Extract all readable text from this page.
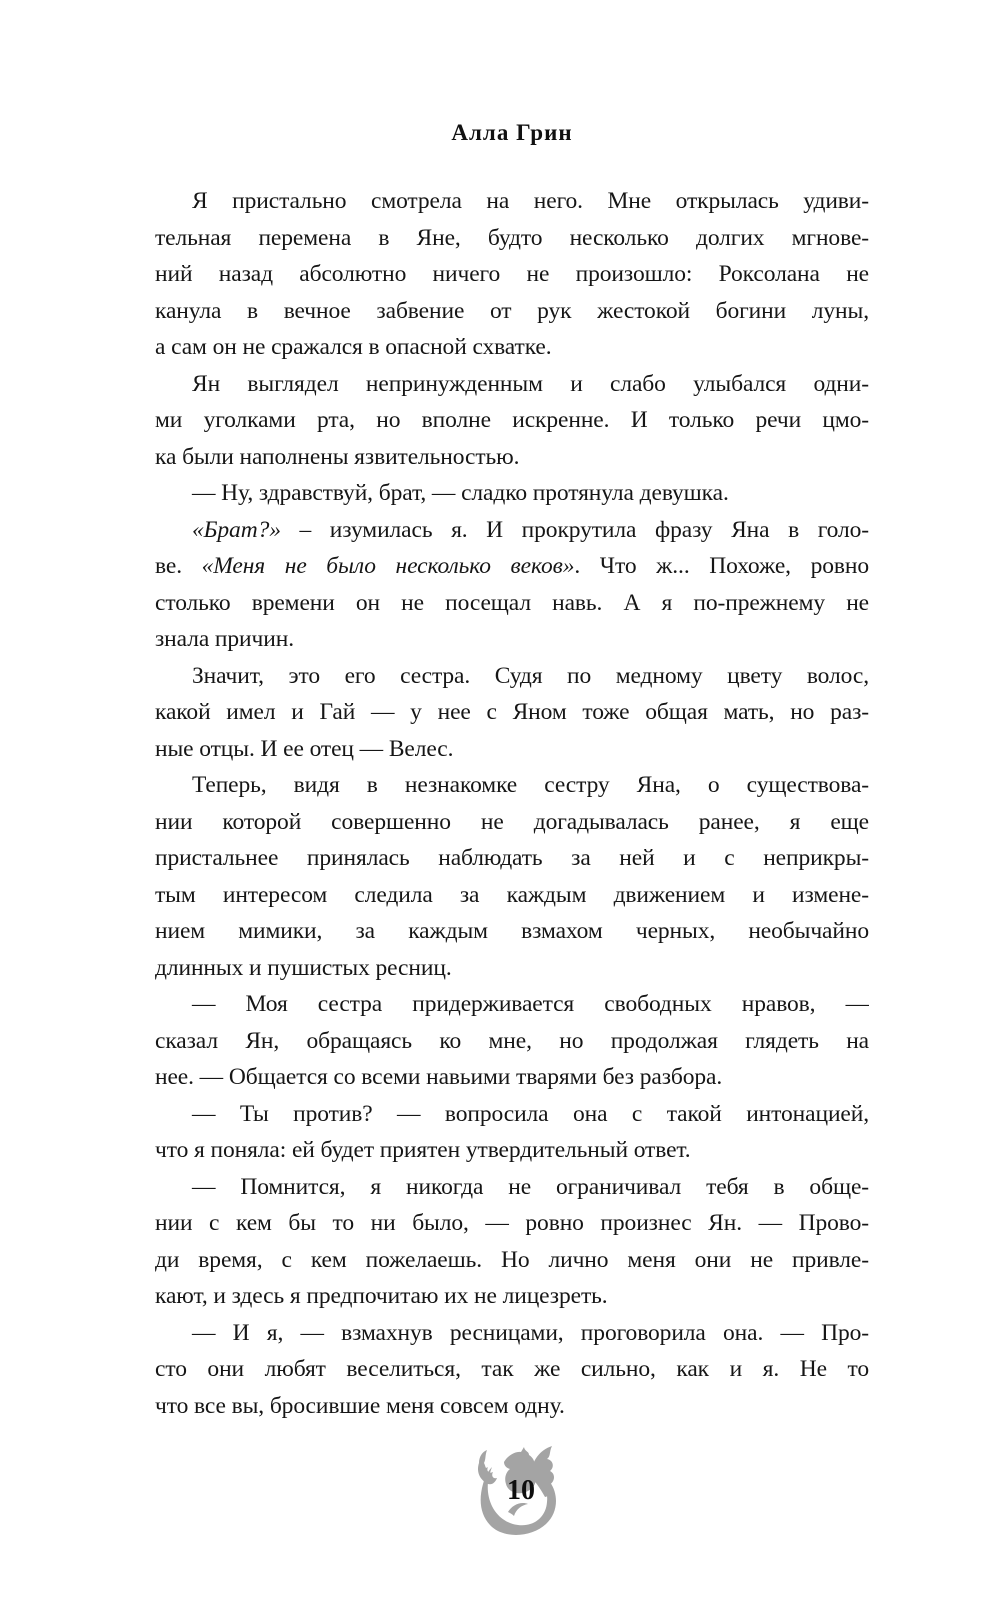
Алла Грин
Я пристально смотрела на него. Мне открылась удиви-
тельная перемена в Яне, будто несколько долгих мгнове-
ний назад абсолютно ничего не произошло: Роксолана не
канула в вечное забвение от рук жестокой богини луны,
а сам он не сражался в опасной схватке.
Ян выглядел непринужденным и слабо улыбался одни-
ми уголками рта, но вполне искренне. И только речи цмо-
ка были наполнены язвительностью.
— Ну, здравствуй, брат, — сладко протянула девушка.
«Брат?» – изумилась я. И прокрутила фразу Яна в голо-
ве. «Меня не было несколько веков». Что ж... Похоже, ровно
столько времени он не посещал навь. А я по-прежнему не
знала причин.
Значит, это его сестра. Судя по медному цвету волос,
какой имел и Гай — у нее с Яном тоже общая мать, но раз-
ные отцы. И ее отец — Велес.
Теперь, видя в незнакомке сестру Яна, о существова-
нии которой совершенно не догадывалась ранее, я еще
пристальнее принялась наблюдать за ней и с неприкры-
тым интересом следила за каждым движением и измене-
нием мимики, за каждым взмахом черных, необычайно
длинных и пушистых ресниц.
— Моя сестра придерживается свободных нравов, —
сказал Ян, обращаясь ко мне, но продолжая глядеть на
нее. — Общается со всеми навьими тварями без разбора.
— Ты против? — вопросила она с такой интонацией,
что я поняла: ей будет приятен утвердительный ответ.
— Помнится, я никогда не ограничивал тебя в обще-
нии с кем бы то ни было, — ровно произнес Ян. — Прово-
ди время, с кем пожелаешь. Но лично меня они не привле-
кают, и здесь я предпочитаю их не лицезреть.
— И я, — взмахнув ресницами, проговорила она. — Про-
сто они любят веселиться, так же сильно, как и я. Не то
что все вы, бросившие меня совсем одну.
10
